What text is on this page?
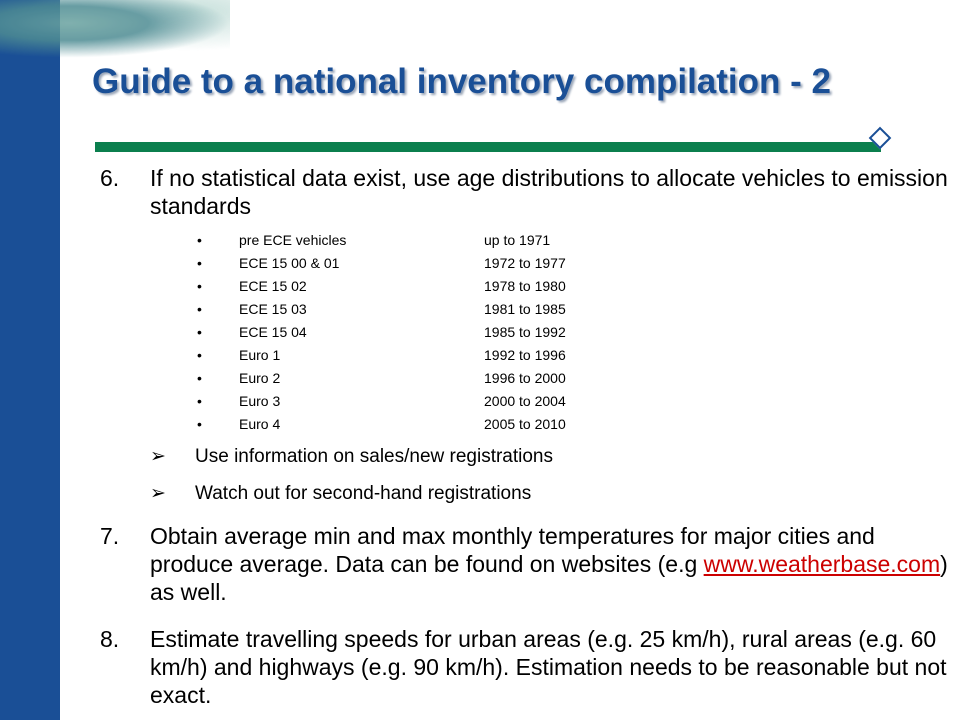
Guide to a national inventory compilation - 2
6. If no statistical data exist, use age distributions to allocate vehicles to emission standards
•	pre ECE vehicles	up to 1971
•	ECE 15 00 & 01	1972 to 1977
•	ECE 15 02	1978 to 1980
•	ECE 15 03	1981 to 1985
•	ECE 15 04	1985 to 1992
•	Euro 1	1992 to 1996
•	Euro 2	1996 to 2000
•	Euro 3	2000 to 2004
•	Euro 4	2005 to 2010
➢ Use information on sales/new registrations
➢ Watch out for second-hand registrations
7. Obtain average min and max monthly temperatures for major cities and produce average. Data can be found on websites (e.g www.weatherbase.com) as well.
8. Estimate travelling speeds for urban areas (e.g. 25 km/h), rural areas (e.g. 60 km/h) and highways (e.g. 90 km/h). Estimation needs to be reasonable but not exact.
